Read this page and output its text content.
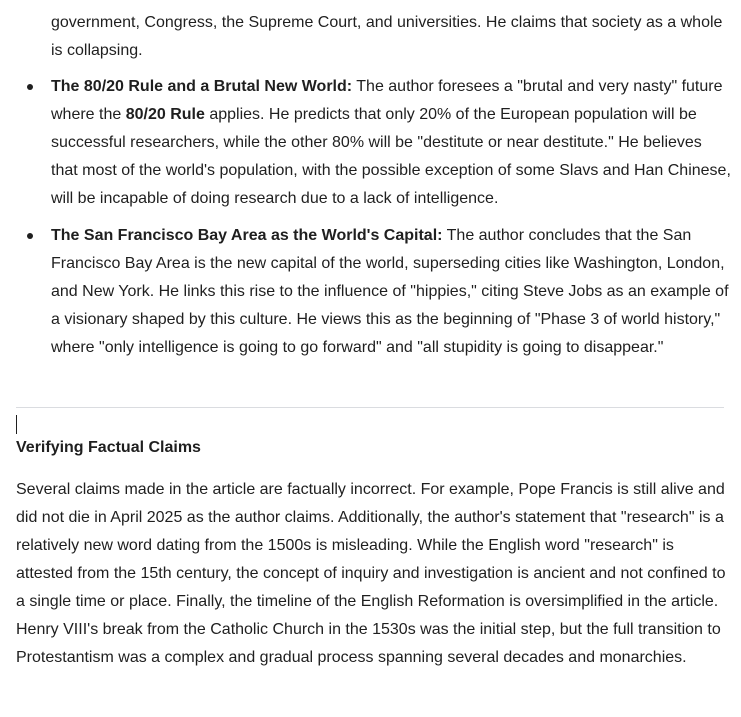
government, Congress, the Supreme Court, and universities. He claims that society as a whole is collapsing.

The 80/20 Rule and a Brutal New World: The author foresees a "brutal and very nasty" future where the 80/20 Rule applies. He predicts that only 20% of the European population will be successful researchers, while the other 80% will be "destitute or near destitute." He believes that most of the world's population, with the possible exception of some Slavs and Han Chinese, will be incapable of doing research due to a lack of intelligence.
The San Francisco Bay Area as the World's Capital: The author concludes that the San Francisco Bay Area is the new capital of the world, superseding cities like Washington, London, and New York. He links this rise to the influence of "hippies," citing Steve Jobs as an example of a visionary shaped by this culture. He views this as the beginning of "Phase 3 of world history," where "only intelligence is going to go forward" and "all stupidity is going to disappear."
Verifying Factual Claims

Several claims made in the article are factually incorrect. For example, Pope Francis is still alive and did not die in April 2025 as the author claims. Additionally, the author's statement that "research" is a relatively new word dating from the 1500s is misleading. While the English word "research" is attested from the 15th century, the concept of inquiry and investigation is ancient and not confined to a single time or place. Finally, the timeline of the English Reformation is oversimplified in the article. Henry VIII's break from the Catholic Church in the 1530s was the initial step, but the full transition to Protestantism was a complex and gradual process spanning several decades and monarchies.
